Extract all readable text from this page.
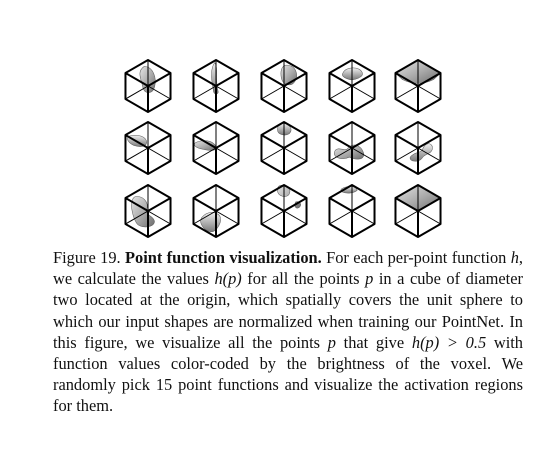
Figure 19. Point function visualization. For each per-point function h, we calculate the values h(p) for all the points p in a cube of diameter two located at the origin, which spatially covers the unit sphere to which our input shapes are normalized when training our PointNet. In this figure, we visualize all the points p that give h(p) > 0.5 with function values color-coded by the brightness of the voxel. We randomly pick 15 point functions and visualize the activation regions for them.
